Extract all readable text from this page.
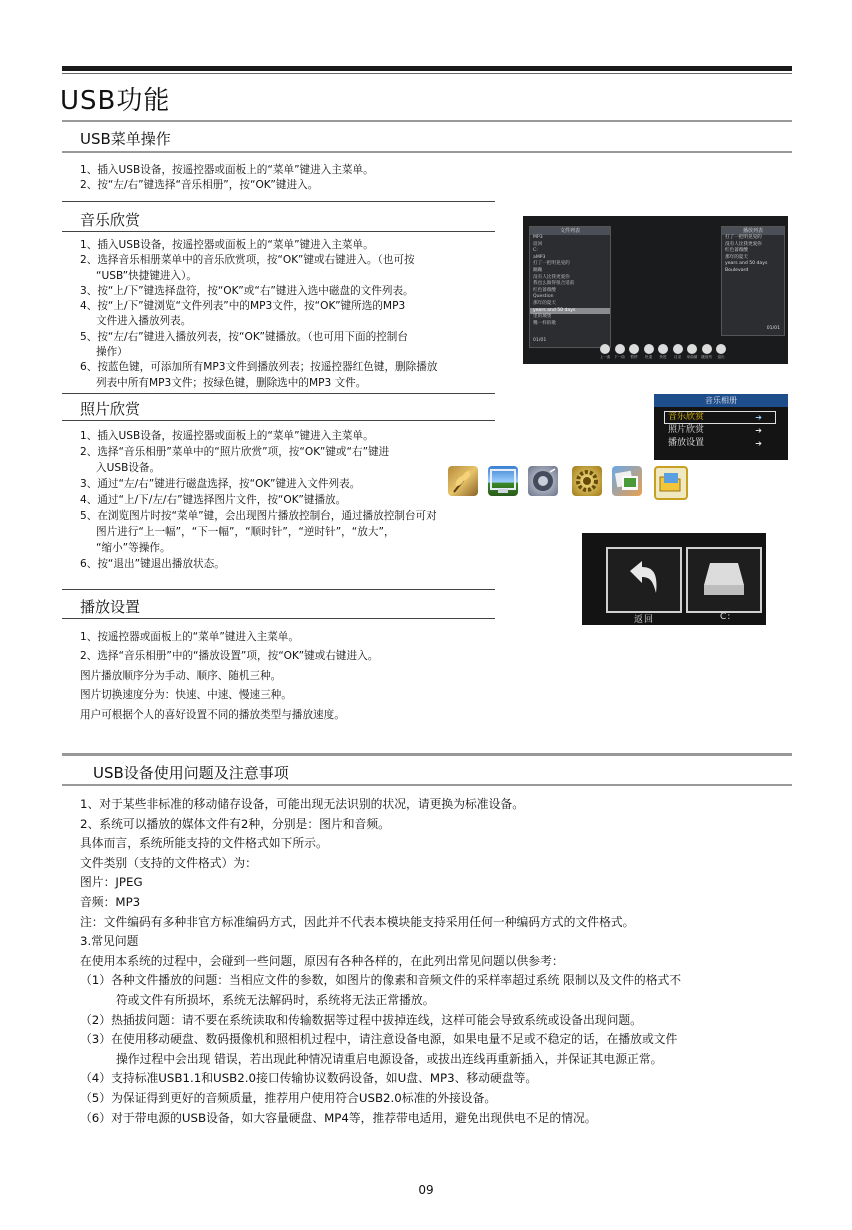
USB功能
USB菜单操作
1、插入USB设备，按遥控器或面板上的“菜单”键进入主菜单。
2、按“左/右”键选择“音乐相册”，按“OK”键进入。
音乐欣赏
1、插入USB设备，按遥控器或面板上的“菜单”键进入主菜单。
2、选择音乐相册菜单中的音乐欣赏项，按“OK”键或右键进入。（也可按
“USB”快捷键进入）。
3、按“上/下”键选择盘符，按“OK”或“右”键进入选中磁盘的文件列表。
4、按“上/下”键浏览“文件列表”中的MP3文件，按“OK”键所选的MP3
文件进入播放列表。
5、按“左/右”键进入播放列表，按“OK”键播放。（也可用下面的控制台
操作）
6、按蓝色键，可添加所有MP3文件到播放列表；按遥控器红色键，删除播放
列表中所有MP3文件；按绿色键，删除选中的MP3 文件。
文件列表
MP3
返回
C:
aMP3
打了一把明晃晃的
蹦蹦
没有人比我更爱你
我也么做得很合适前
红色蔷薇酸
Question
那年的夏天
years and 50 days
里的城堡
嘴一样的歌
01/01
播放列表
打了一把明晃晃的
没有人比我更爱你
红色蔷薇酸
那年的夏天
years and 50 days
Boulevard
01/01
上一曲	下一曲	暂停	快退	快进	目录	单曲循	播放列	退出
照片欣赏
1、插入USB设备，按遥控器或面板上的“菜单”键进入主菜单。
2、选择“音乐相册”菜单中的“照片欣赏”项，按“OK”键或“右”键进
入USB设备。
3、通过“左/右”键进行磁盘选择，按“OK”键进入文件列表。
4、通过“上/下/左/右”键选择图片文件，按“OK”键播放。
5、在浏览图片时按“菜单”键，会出现图片播放控制台，通过播放控制台可对
图片进行“上一幅”，“下一幅”，“顺时针”，“逆时针”，“放大”，
“缩小”等操作。
6、按“退出”键退出播放状态。
音乐相册
音乐欣赏	➔
照片欣赏	➔
播放设置	➔
返回	C:
播放设置
1、按遥控器或面板上的“菜单”键进入主菜单。
2、选择“音乐相册”中的“播放设置”项，按“OK”键或右键进入。
图片播放顺序分为手动、顺序、随机三种。
图片切换速度分为：快速、中速、慢速三种。
用户可根据个人的喜好设置不同的播放类型与播放速度。
USB设备使用问题及注意事项
1、对于某些非标准的移动储存设备，可能出现无法识别的状况，请更换为标准设备。
2、系统可以播放的媒体文件有2种，分别是：图片和音频。
具体而言，系统所能支持的文件格式如下所示。
文件类别（支持的文件格式）为：
图片：JPEG
音频：MP3
注：文件编码有多种非官方标准编码方式，因此并不代表本模块能支持采用任何一种编码方式的文件格式。
3.常见问题
在使用本系统的过程中，会碰到一些问题，原因有各种各样的，在此列出常见问题以供参考：
（1）各种文件播放的问题：当相应文件的参数，如图片的像素和音频文件的采样率超过系统 限制以及文件的格式不
符或文件有所损坏，系统无法解码时，系统将无法正常播放。
（2）热插拔问题：请不要在系统读取和传输数据等过程中拔掉连线，这样可能会导致系统或设备出现问题。
（3）在使用移动硬盘、数码摄像机和照相机过程中，请注意设备电源，如果电量不足或不稳定的话，在播放或文件
操作过程中会出现 错误，若出现此种情况请重启电源设备，或拔出连线再重新插入，并保证其电源正常。
（4）支持标准USB1.1和USB2.0接口传输协议数码设备，如U盘、MP3、移动硬盘等。
（5）为保证得到更好的音频质量，推荐用户使用符合USB2.0标准的外接设备。
（6）对于带电源的USB设备，如大容量硬盘、MP4等，推荐带电适用，避免出现供电不足的情况。
09
